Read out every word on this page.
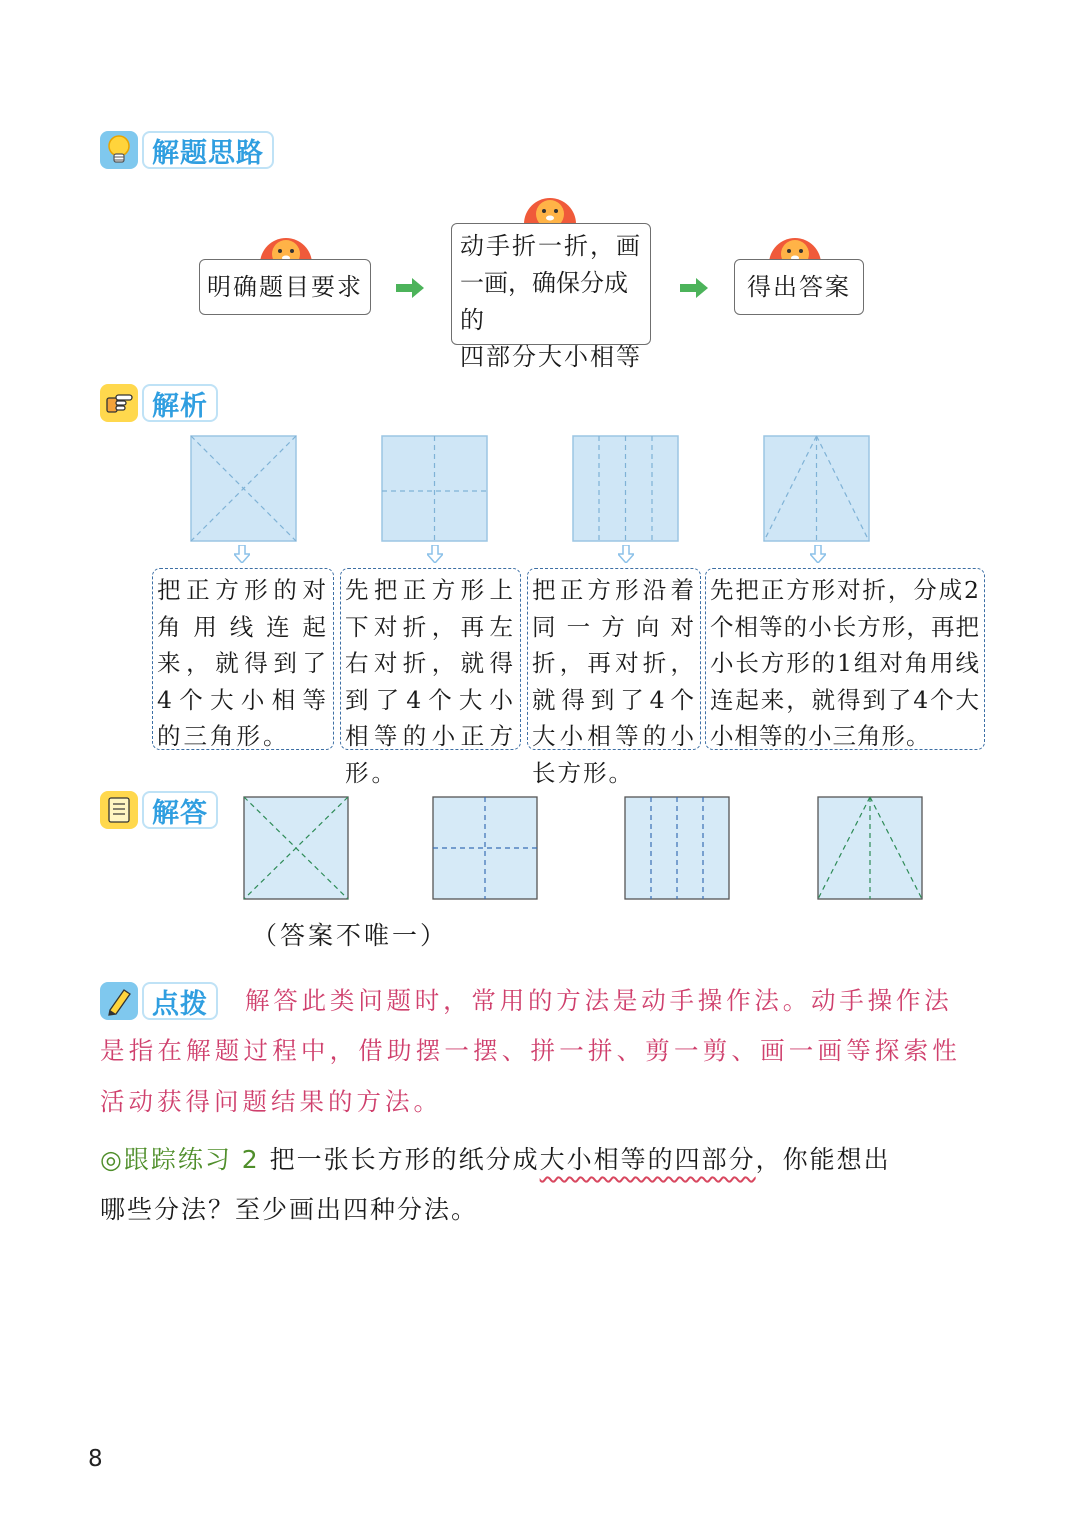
解题思路
明确题目要求
动手折一折，画
一画，确保分成的
四部分大小相等
得出答案
解析
把正方形的对角用线连起来，就得到了4个大小相等的三角形。
先把正方形上下对折，再左右对折，就得到了4个大小相等的小正方形。
把正方形沿着同一方向对折，再对折，就得到了4个大小相等的小长方形。
先把正方形对折，分成2个相等的小长方形，再把小长方形的1组对角用线连起来，就得到了4个大小相等的小三角形。
解答
（答案不唯一）
点拨	解答此类问题时，常用的方法是动手操作法。动手操作法
是指在解题过程中，借助摆一摆、拼一拼、剪一剪、画一画等探索性
活动获得问题结果的方法。
◎跟踪练习 2 把一张长方形的纸分成大小相等的四部分，你能想出
哪些分法？至少画出四种分法。
8
